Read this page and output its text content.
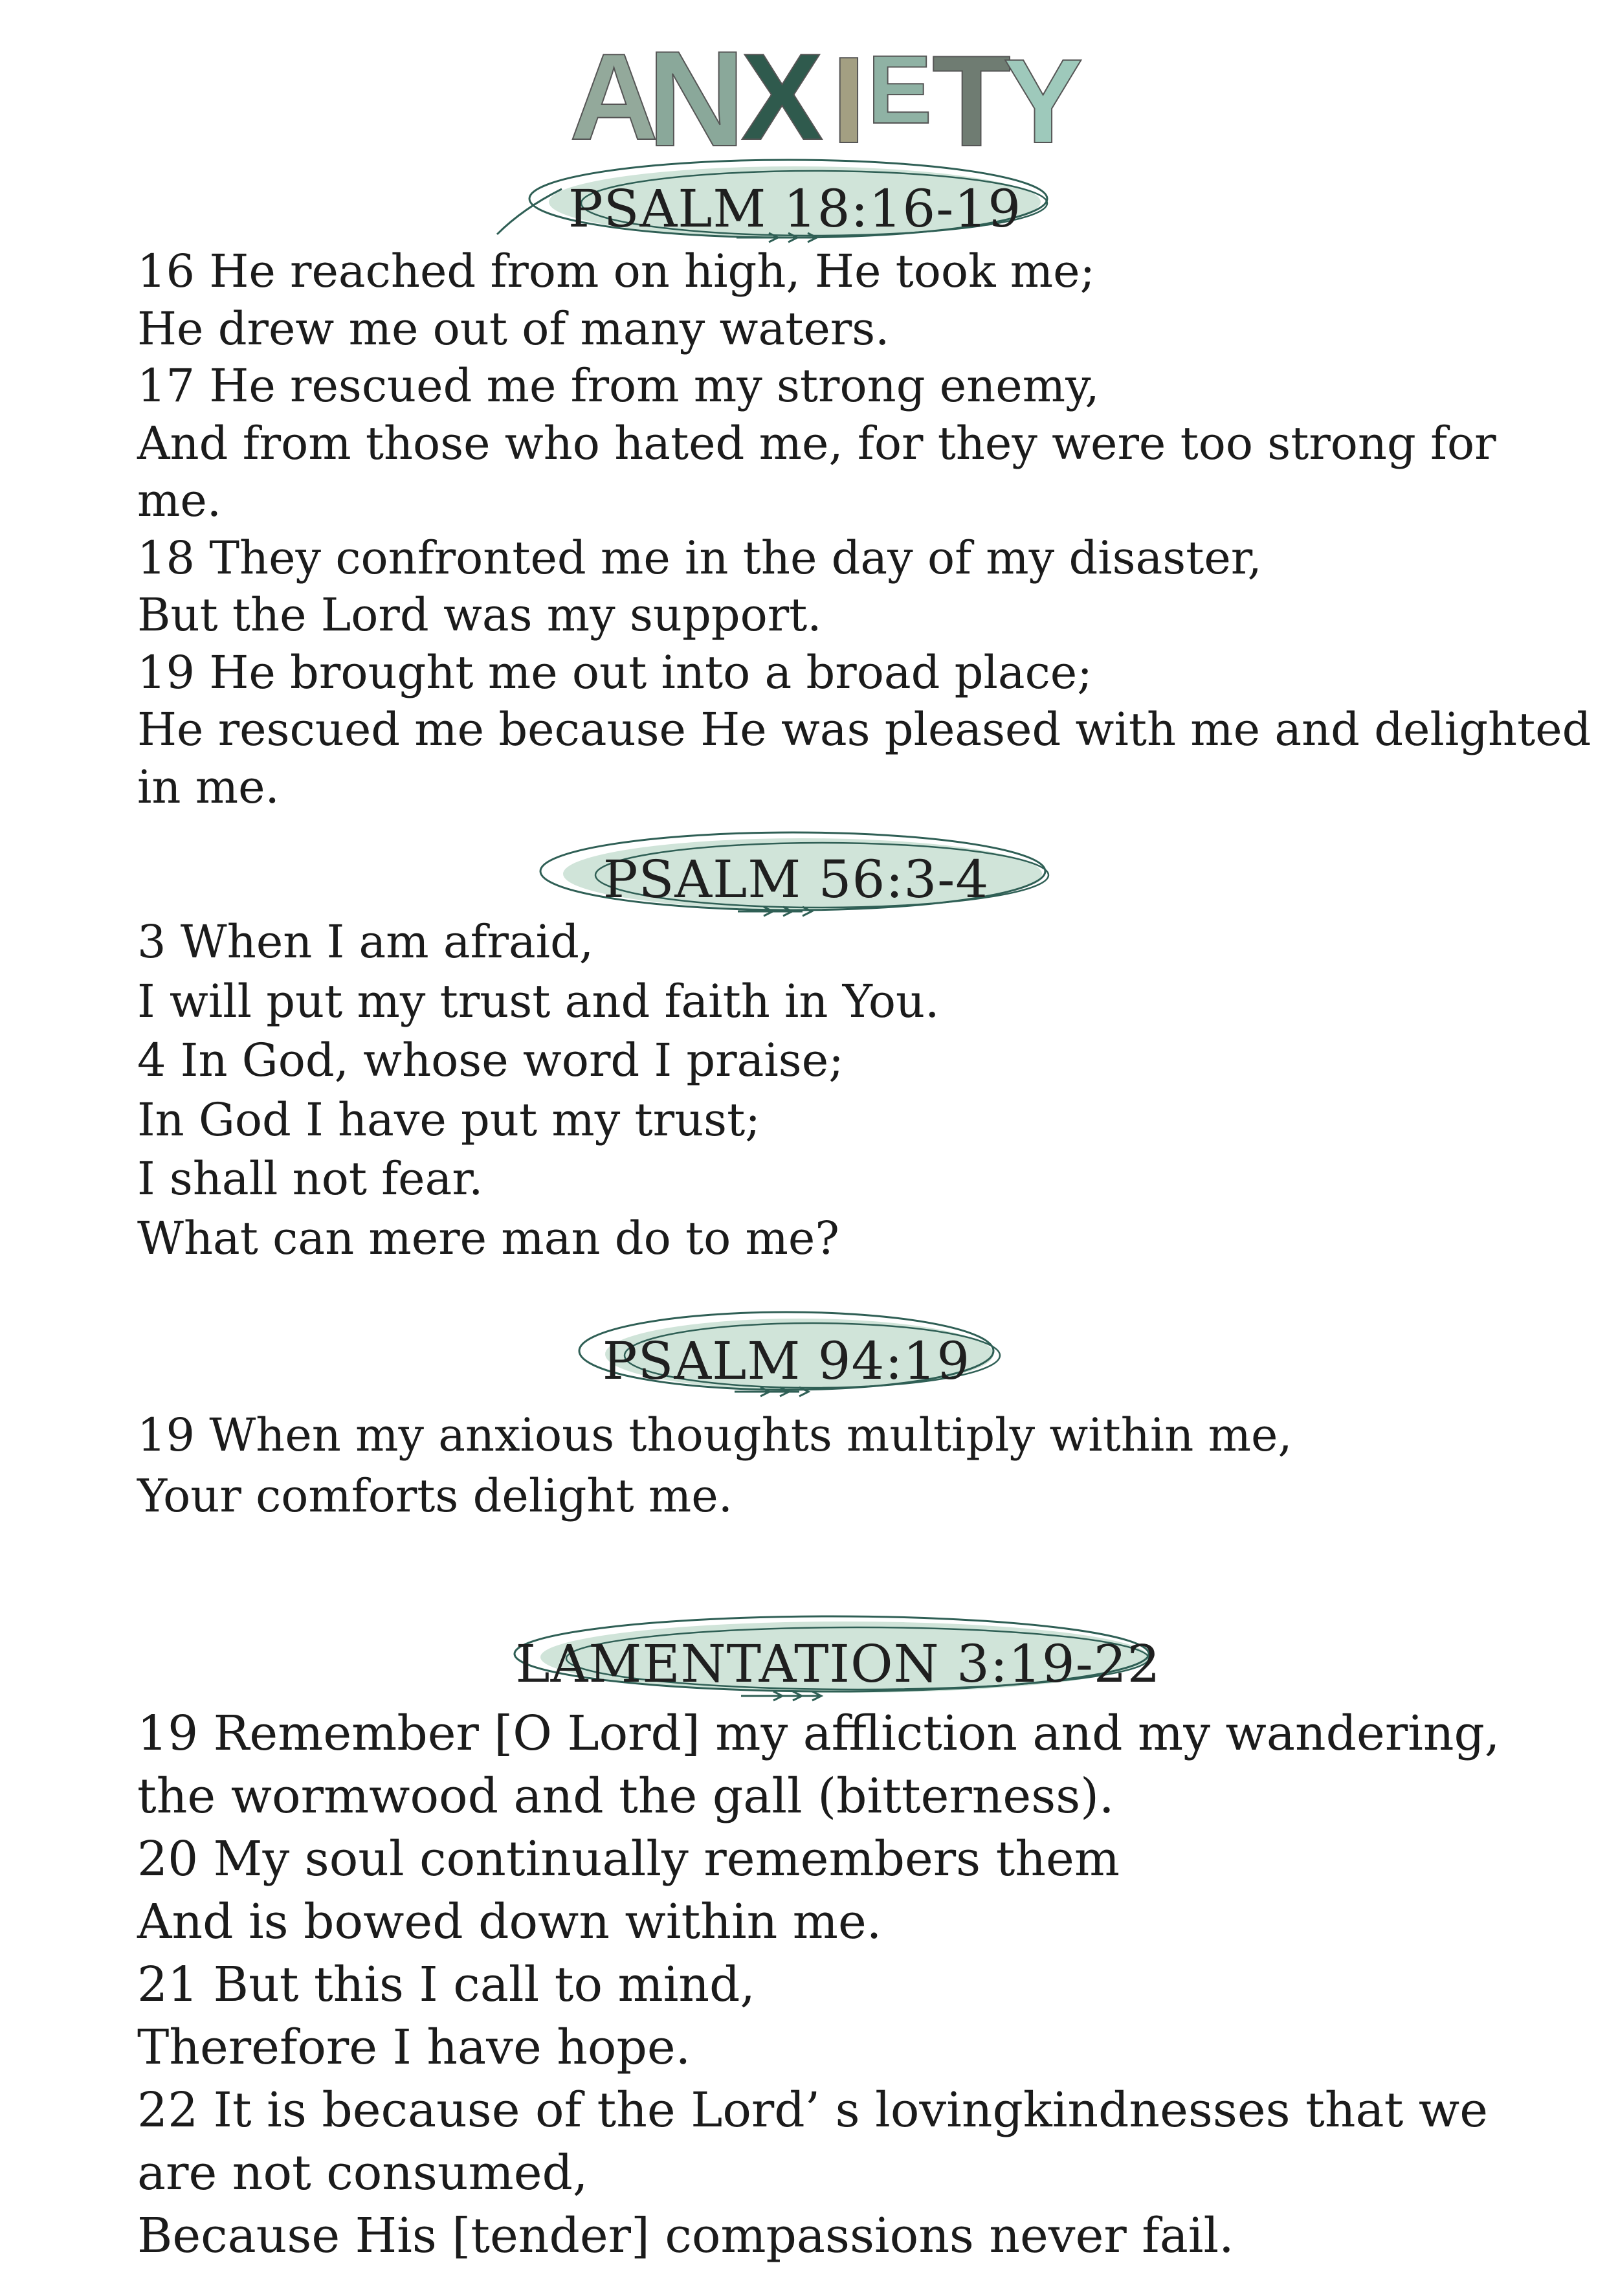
A
N
X I E T
Y
PSALM 18:16-19
16 He reached from on high, He took me;
He drew me out of many waters.
17 He rescued me from my strong enemy,
And from those who hated me, for they were too strong for
me.
18 They confronted me in the day of my disaster,
But the Lord was my support.
19 He brought me out into a broad place;
He rescued me because He was pleased with me and delighted
in me.
PSALM 56:3-4
3 When I am afraid,
I will put my trust and faith in You.
4 In God, whose word I praise;
In God I have put my trust;
I shall not fear.
What can mere man do to me?
PSALM 94:19
19 When my anxious thoughts multiply within me,
Your comforts delight me.
LAMENTATION 3:19-22
19 Remember [O Lord] my affliction and my wandering,
the wormwood and the gall (bitterness).
20 My soul continually remembers them
And is bowed down within me.
21 But this I call to mind,
Therefore I have hope.
22 It is because of the Lord’ s lovingkindnesses that we
are not consumed,
Because His [tender] compassions never fail.
